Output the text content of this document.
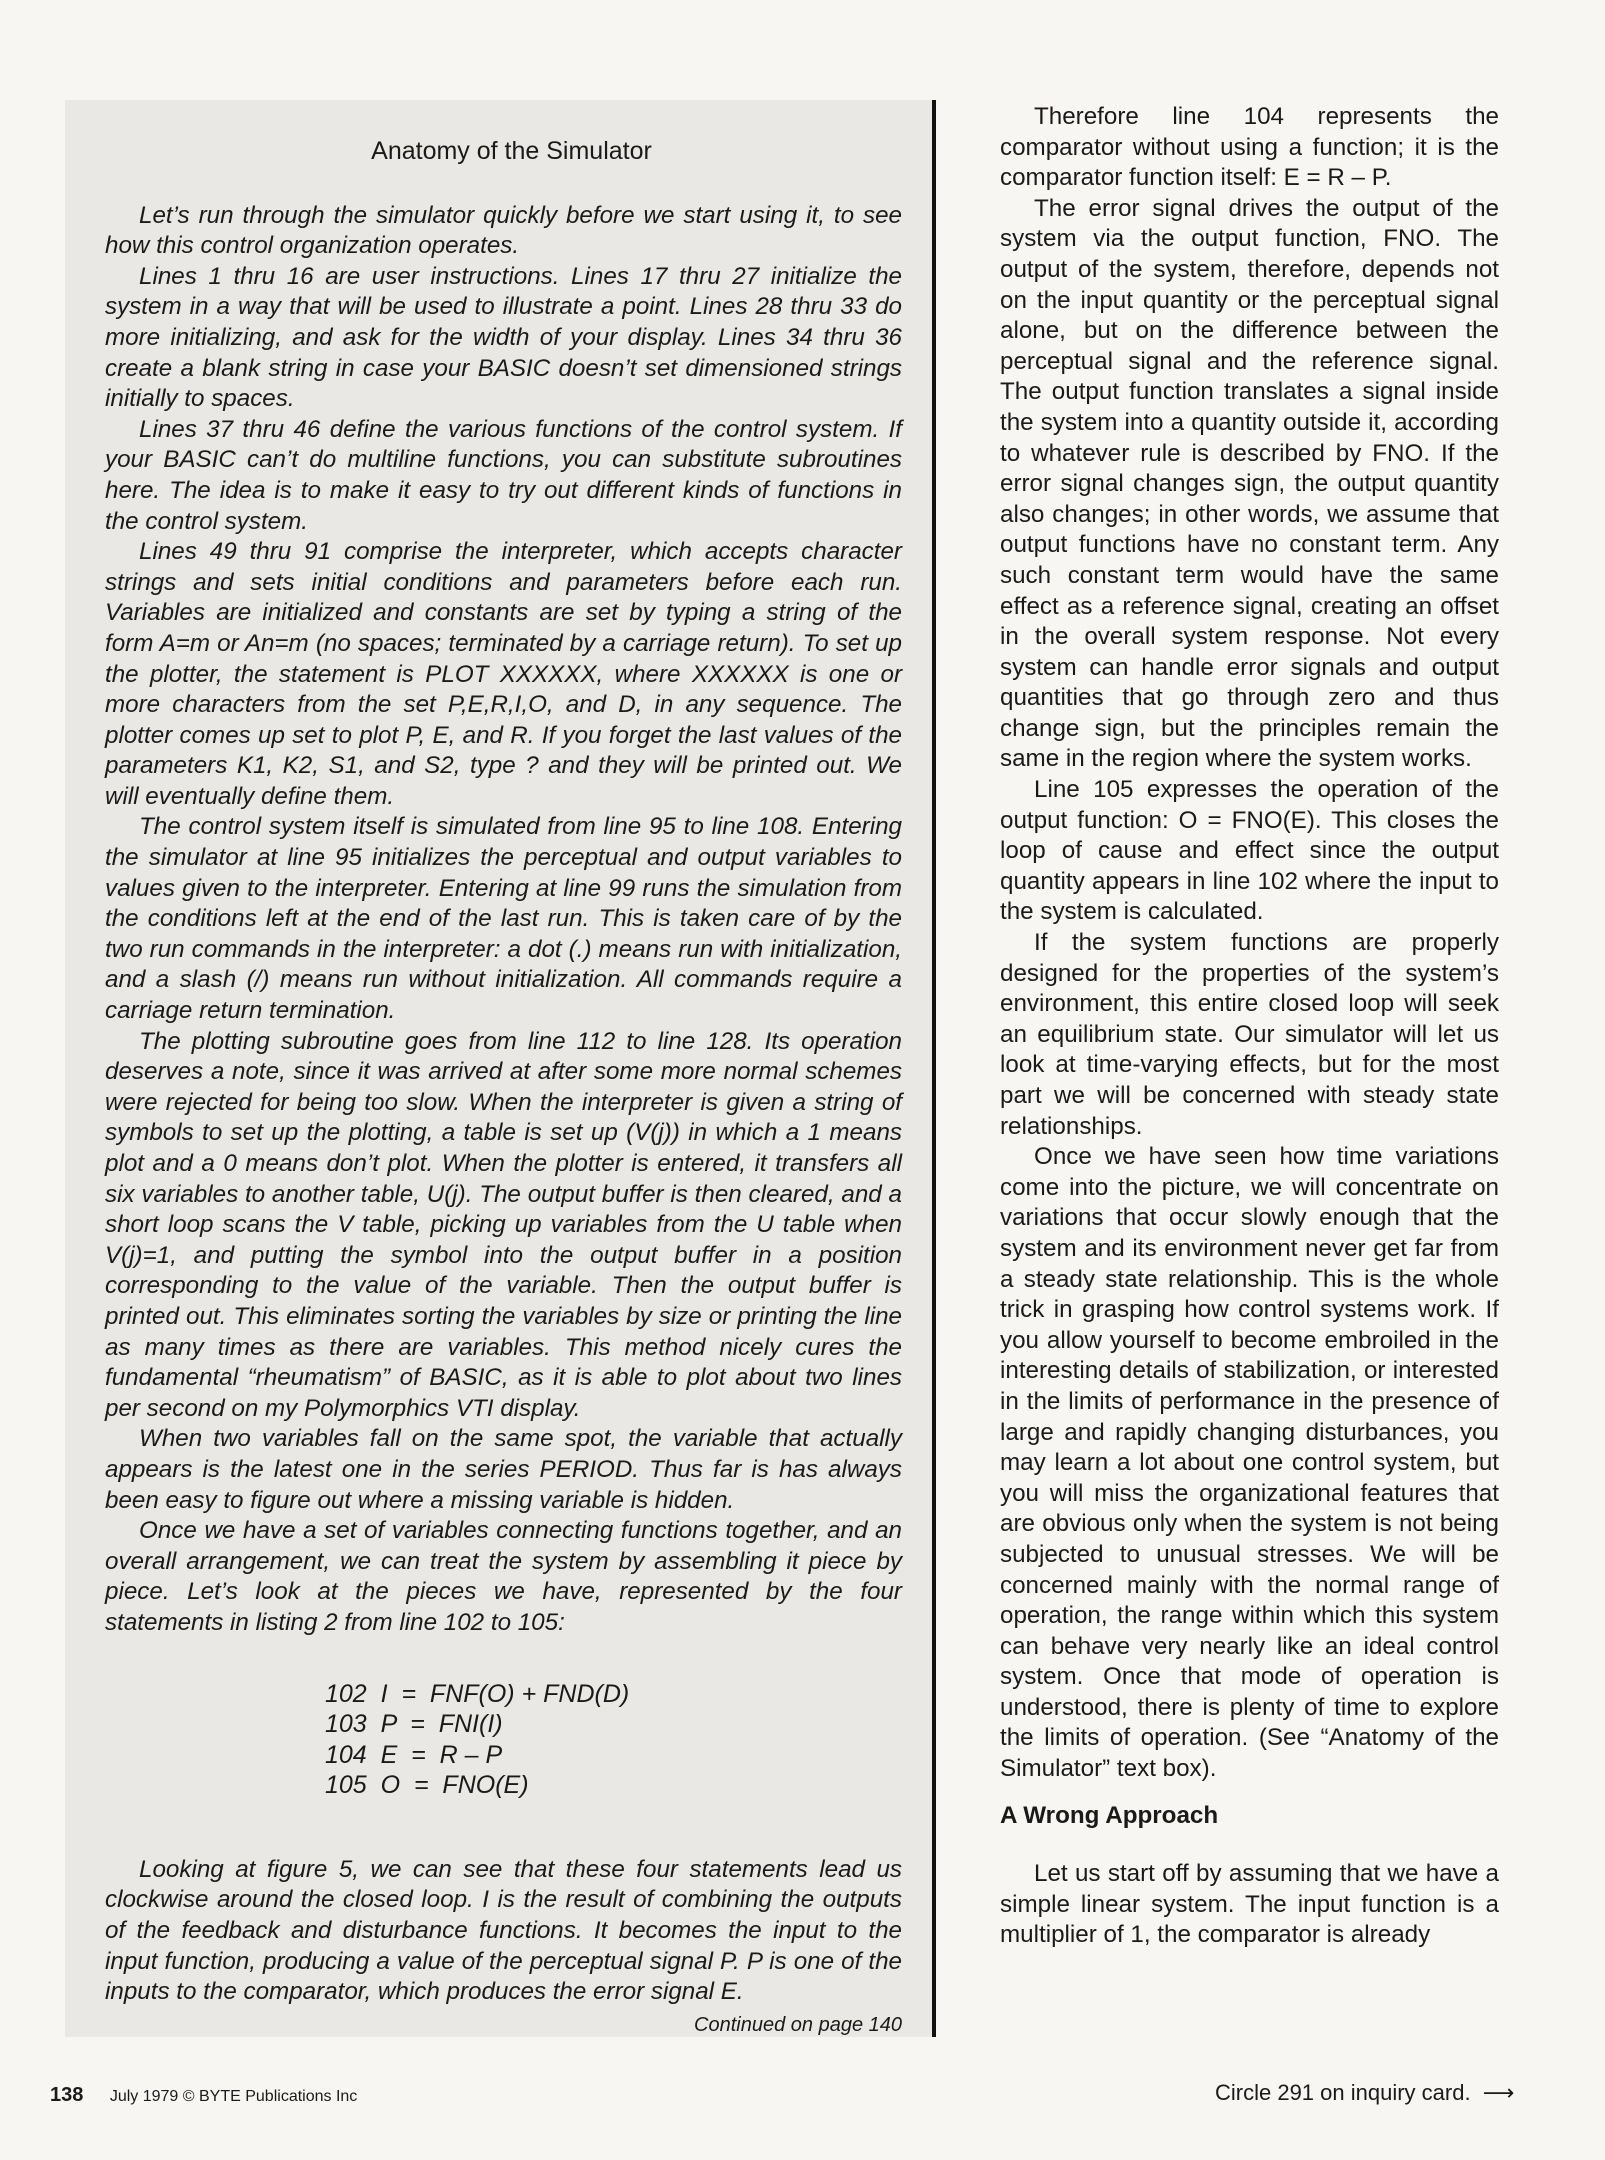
Anatomy of the Simulator

Let’s run through the simulator quickly before we start using it, to see how this control organization operates.

Lines 1 thru 16 are user instructions. Lines 17 thru 27 initialize the system in a way that will be used to illustrate a point. Lines 28 thru 33 do more initializing, and ask for the width of your display. Lines 34 thru 36 create a blank string in case your BASIC doesn’t set dimensioned strings initially to spaces.

Lines 37 thru 46 define the various functions of the control system. If your BASIC can’t do multiline functions, you can substitute subroutines here. The idea is to make it easy to try out different kinds of functions in the control system.

Lines 49 thru 91 comprise the interpreter, which accepts character strings and sets initial conditions and parameters before each run. Variables are initialized and constants are set by typing a string of the form A=m or An=m (no spaces; terminated by a carriage return). To set up the plotter, the statement is PLOT XXXXXX, where XXXXXX is one or more characters from the set P,E,R,I,O, and D, in any sequence. The plotter comes up set to plot P, E, and R. If you forget the last values of the parameters K1, K2, S1, and S2, type ? and they will be printed out. We will eventually define them.

The control system itself is simulated from line 95 to line 108. Entering the simulator at line 95 initializes the perceptual and output variables to values given to the interpreter. Entering at line 99 runs the simulation from the conditions left at the end of the last run. This is taken care of by the two run commands in the interpreter: a dot (.) means run with initialization, and a slash (/) means run without initialization. All commands require a carriage return termination.

The plotting subroutine goes from line 112 to line 128. Its operation deserves a note, since it was arrived at after some more normal schemes were rejected for being too slow. When the interpreter is given a string of symbols to set up the plotting, a table is set up (V(j)) in which a 1 means plot and a 0 means don’t plot. When the plotter is entered, it transfers all six variables to another table, U(j). The output buffer is then cleared, and a short loop scans the V table, picking up variables from the U table when V(j)=1, and putting the symbol into the output buffer in a position corresponding to the value of the variable. Then the output buffer is printed out. This eliminates sorting the variables by size or printing the line as many times as there are variables. This method nicely cures the fundamental “rheumatism” of BASIC, as it is able to plot about two lines per second on my Polymorphics VTI display.

When two variables fall on the same spot, the variable that actually appears is the latest one in the series PERIOD. Thus far is has always been easy to figure out where a missing variable is hidden.

Once we have a set of variables connecting functions together, and an overall arrangement, we can treat the system by assembling it piece by piece. Let’s look at the pieces we have, represented by the four statements in listing 2 from line 102 to 105:

102  I  =  FNF(O) + FND(D)
103  P  =  FNI(I)
104  E  =  R – P
105  O  =  FNO(E)

Looking at figure 5, we can see that these four statements lead us clockwise around the closed loop. I is the result of combining the outputs of the feedback and disturbance functions. It becomes the input to the input function, producing a value of the perceptual signal P. P is one of the inputs to the comparator, which produces the error signal E.

Continued on page 140

Therefore line 104 represents the comparator without using a function; it is the comparator function itself: E = R – P.

The error signal drives the output of the system via the output function, FNO. The output of the system, therefore, depends not on the input quantity or the perceptual signal alone, but on the difference between the perceptual signal and the reference signal. The output function translates a signal inside the system into a quantity outside it, according to whatever rule is described by FNO. If the error signal changes sign, the output quantity also changes; in other words, we assume that output functions have no constant term. Any such constant term would have the same effect as a reference signal, creating an offset in the overall system response. Not every system can handle error signals and output quantities that go through zero and thus change sign, but the principles remain the same in the region where the system works.

Line 105 expresses the operation of the output function: O = FNO(E). This closes the loop of cause and effect since the output quantity appears in line 102 where the input to the system is calculated.

If the system functions are properly designed for the properties of the system’s environment, this entire closed loop will seek an equilibrium state. Our simulator will let us look at time-varying effects, but for the most part we will be concerned with steady state relationships.

Once we have seen how time variations come into the picture, we will concentrate on variations that occur slowly enough that the system and its environment never get far from a steady state relationship. This is the whole trick in grasping how control systems work. If you allow yourself to become embroiled in the interesting details of stabilization, or interested in the limits of performance in the presence of large and rapidly changing disturbances, you may learn a lot about one control system, but you will miss the organizational features that are obvious only when the system is not being subjected to unusual stresses. We will be concerned mainly with the normal range of operation, the range within which this system can behave very nearly like an ideal control system. Once that mode of operation is understood, there is plenty of time to explore the limits of operation. (See “Anatomy of the Simulator” text box).

A Wrong Approach

Let us start off by assuming that we have a simple linear system. The input function is a multiplier of 1, the comparator is already

138 July 1979 © BYTE Publications Inc	Circle 291 on inquiry card. ⟶
